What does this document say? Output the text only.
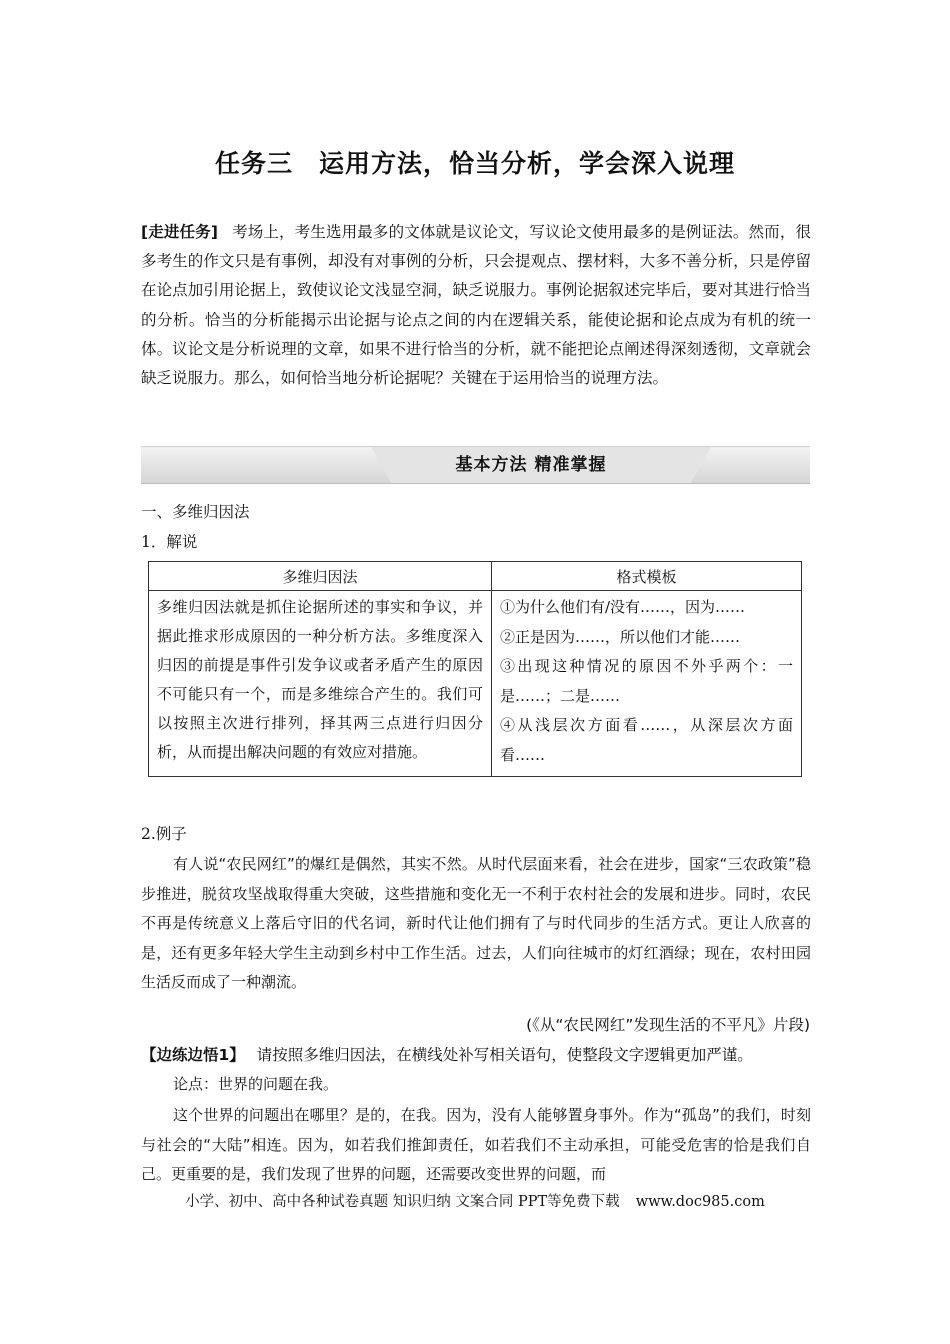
任务三 运用方法，恰当分析，学会深入说理
[走进任务] 考场上，考生选用最多的文体就是议论文，写议论文使用最多的是例证法。然而，很多考生的作文只是有事例，却没有对事例的分析，只会提观点、摆材料，大多不善分析，只是停留在论点加引用论据上，致使议论文浅显空洞，缺乏说服力。事例论据叙述完毕后，要对其进行恰当的分析。恰当的分析能揭示出论据与论点之间的内在逻辑关系，能使论据和论点成为有机的统一体。议论文是分析说理的文章，如果不进行恰当的分析，就不能把论点阐述得深刻透彻，文章就会缺乏说服力。那么，如何恰当地分析论据呢？关键在于运用恰当的说理方法。
基本方法 精准掌握
一、多维归因法
1．解说
多维归因法	格式模板
多维归因法就是抓住论据所述的事实和争议，并据此推求形成原因的一种分析方法。多维度深入归因的前提是事件引发争议或者矛盾产生的原因不可能只有一个，而是多维综合产生的。我们可以按照主次进行排列，择其两三点进行归因分析，从而提出解决问题的有效应对措施。	①为什么他们有/没有……，因为……
②正是因为……，所以他们才能……
③出现这种情况的原因不外乎两个：一是……；二是……
④从浅层次方面看……，从深层次方面看……
2.例子
有人说“农民网红”的爆红是偶然，其实不然。从时代层面来看，社会在进步，国家“三农政策”稳步推进，脱贫攻坚战取得重大突破，这些措施和变化无一不利于农村社会的发展和进步。同时，农民不再是传统意义上落后守旧的代名词，新时代让他们拥有了与时代同步的生活方式。更让人欣喜的是，还有更多年轻大学生主动到乡村中工作生活。过去，人们向往城市的灯红酒绿；现在，农村田园生活反而成了一种潮流。
(《从“农民网红”发现生活的不平凡》片段)
【边练边悟1】 请按照多维归因法，在横线处补写相关语句，使整段文字逻辑更加严谨。
论点：世界的问题在我。
这个世界的问题出在哪里？是的，在我。因为，没有人能够置身事外。作为“孤岛”的我们，时刻与社会的“大陆”相连。因为，如若我们推卸责任，如若我们不主动承担，可能受危害的恰是我们自己。更重要的是，我们发现了世界的问题，还需要改变世界的问题，而
小学、初中、高中各种试卷真题 知识归纳 文案合同 PPT等免费下载 www.doc985.com
